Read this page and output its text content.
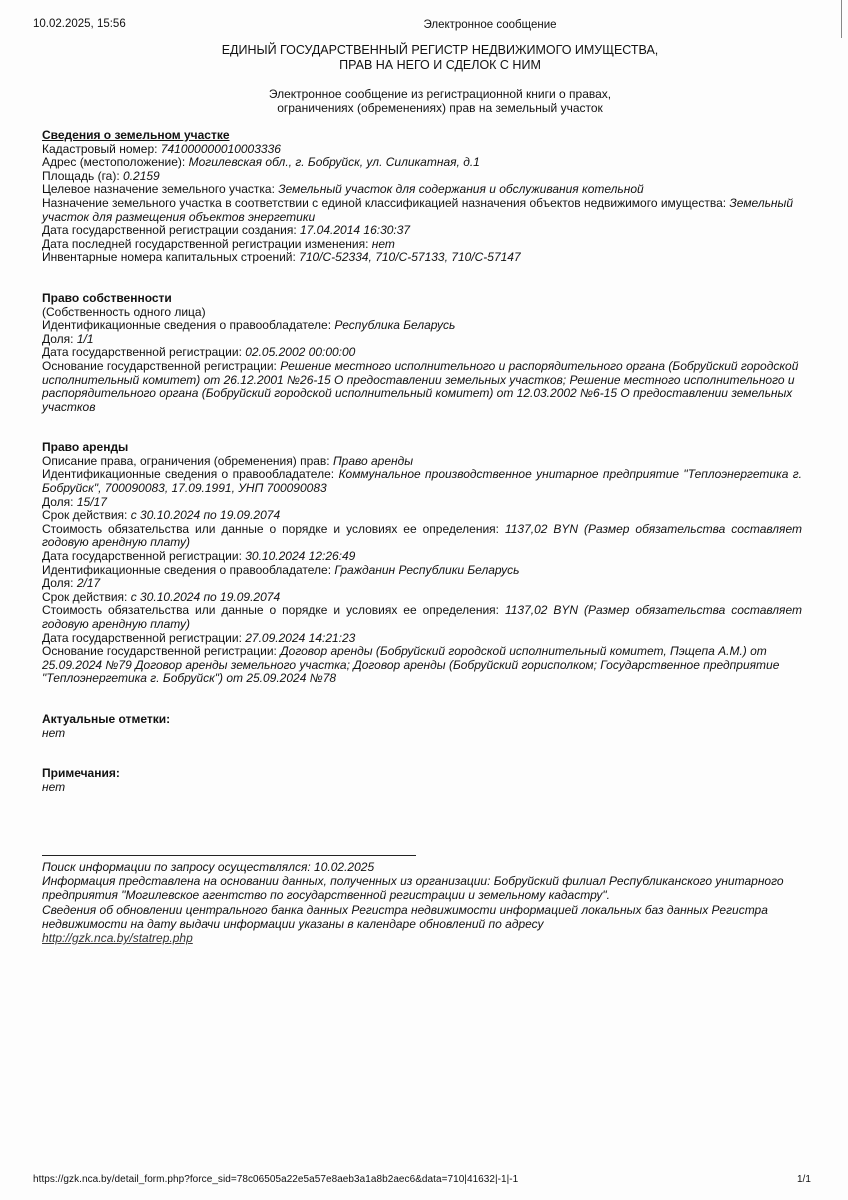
10.02.2025, 15:56	Электронное сообщение
ЕДИНЫЙ ГОСУДАРСТВЕННЫЙ РЕГИСТР НЕДВИЖИМОГО ИМУЩЕСТВА,
ПРАВ НА НЕГО И СДЕЛОК С НИМ
Электронное сообщение из регистрационной книги о правах,
ограничениях (обременениях) прав на земельный участок
Сведения о земельном участке
Кадастровый номер: 741000000010003336
Адрес (местоположение): Могилевская обл., г. Бобруйск, ул. Силикатная, д.1
Площадь (га): 0.2159
Целевое назначение земельного участка: Земельный участок для содержания и обслуживания котельной
Назначение земельного участка в соответствии с единой классификацией назначения объектов недвижимого имущества: Земельный участок для размещения объектов энергетики
Дата государственной регистрации создания: 17.04.2014 16:30:37
Дата последней государственной регистрации изменения: нет
Инвентарные номера капитальных строений: 710/C-52334, 710/C-57133, 710/C-57147
Право собственности
(Собственность одного лица)
Идентификационные сведения о правообладателе: Республика Беларусь
Доля: 1/1
Дата государственной регистрации: 02.05.2002 00:00:00
Основание государственной регистрации: Решение местного исполнительного и распорядительного органа (Бобруйский городской исполнительный комитет) от 26.12.2001 №26-15 О предоставлении земельных участков; Решение местного исполнительного и распорядительного органа (Бобруйский городской исполнительный комитет) от 12.03.2002 №6-15 О предоставлении земельных участков
Право аренды
Описание права, ограничения (обременения) прав: Право аренды
Идентификационные сведения о правообладателе: Коммунальное производственное унитарное предприятие "Теплоэнергетика г. Бобруйск", 700090083, 17.09.1991, УНП 700090083
Доля: 15/17
Срок действия: с 30.10.2024 по 19.09.2074
Стоимость обязательства или данные о порядке и условиях ее определения: 1137,02 BYN (Размер обязательства составляет годовую арендную плату)
Дата государственной регистрации: 30.10.2024 12:26:49
Идентификационные сведения о правообладателе: Гражданин Республики Беларусь
Доля: 2/17
Срок действия: с 30.10.2024 по 19.09.2074
Стоимость обязательства или данные о порядке и условиях ее определения: 1137,02 BYN (Размер обязательства составляет годовую арендную плату)
Дата государственной регистрации: 27.09.2024 14:21:23
Основание государственной регистрации: Договор аренды (Бобруйский городской исполнительный комитет, Пэщепа А.М.) от 25.09.2024 №79 Договор аренды земельного участка; Договор аренды (Бобруйский горисполком; Государственное предприятие "Теплоэнергетика г. Бобруйск") от 25.09.2024 №78
Актуальные отметки:
нет
Примечания:
нет
Поиск информации по запросу осуществлялся: 10.02.2025
Информация представлена на основании данных, полученных из организации: Бобруйский филиал Республиканского унитарного предприятия "Могилевское агентство по государственной регистрации и земельному кадастру".
Сведения об обновлении центрального банка данных Регистра недвижимости информацией локальных баз данных Регистра недвижимости на дату выдачи информации указаны в календаре обновлений по адресу
http://gzk.nca.by/statrep.php
https://gzk.nca.by/detail_form.php?force_sid=78c06505a22e5a57e8aeb3a1a8b2aec6&data=710|41632|-1|-1	1/1
